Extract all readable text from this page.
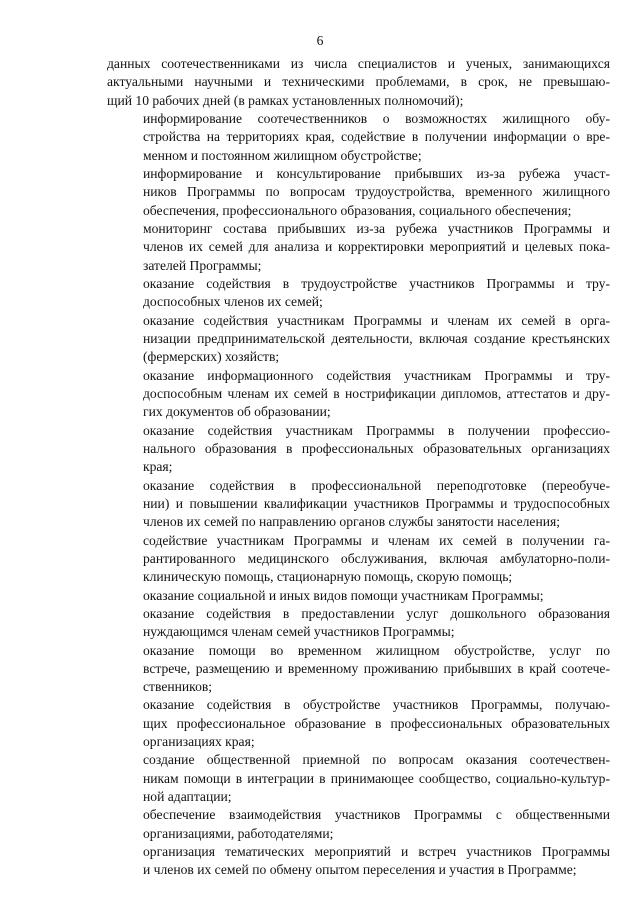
6

данных соотечественниками из числа специалистов и ученых, занимающихся
актуальными научными и техническими проблемами, в срок, не превышаю-
щий 10 рабочих дней (в рамках установленных полномочий);

информирование соотечественников о возможностях жилищного обу-
стройства на территориях края, содействие в получении информации о вре-
менном и постоянном жилищном обустройстве;

информирование и консультирование прибывших из-за рубежа участ-
ников Программы по вопросам трудоустройства, временного жилищного
обеспечения, профессионального образования, социального обеспечения;

мониторинг состава прибывших из-за рубежа участников Программы и
членов их семей для анализа и корректировки мероприятий и целевых пока-
зателей Программы;

оказание содействия в трудоустройстве участников Программы и тру-
доспособных членов их семей;

оказание содействия участникам Программы и членам их семей в орга-
низации предпринимательской деятельности, включая создание крестьянских
(фермерских) хозяйств;

оказание информационного содействия участникам Программы и тру-
доспособным членам их семей в нострификации дипломов, аттестатов и дру-
гих документов об образовании;

оказание содействия участникам Программы в получении профессио-
нального образования в профессиональных образовательных организациях
края;

оказание содействия в профессиональной переподготовке (переобуче-
нии) и повышении квалификации участников Программы и трудоспособных
членов их семей по направлению органов службы занятости населения;

содействие участникам Программы и членам их семей в получении га-
рантированного медицинского обслуживания, включая амбулаторно-поли-
клиническую помощь, стационарную помощь, скорую помощь;

оказание социальной и иных видов помощи участникам Программы;

оказание содействия в предоставлении услуг дошкольного образования
нуждающимся членам семей участников Программы;

оказание помощи во временном жилищном обустройстве, услуг по
встрече, размещению и временному проживанию прибывших в край соотече-
ственников;

оказание содействия в обустройстве участников Программы, получаю-
щих профессиональное образование в профессиональных образовательных
организациях края;

создание общественной приемной по вопросам оказания соотечествен-
никам помощи в интеграции в принимающее сообщество, социально-культур-
ной адаптации;

обеспечение взаимодействия участников Программы с общественными
организациями, работодателями;

организация тематических мероприятий и встреч участников Программы
и членов их семей по обмену опытом переселения и участия в Программе;
